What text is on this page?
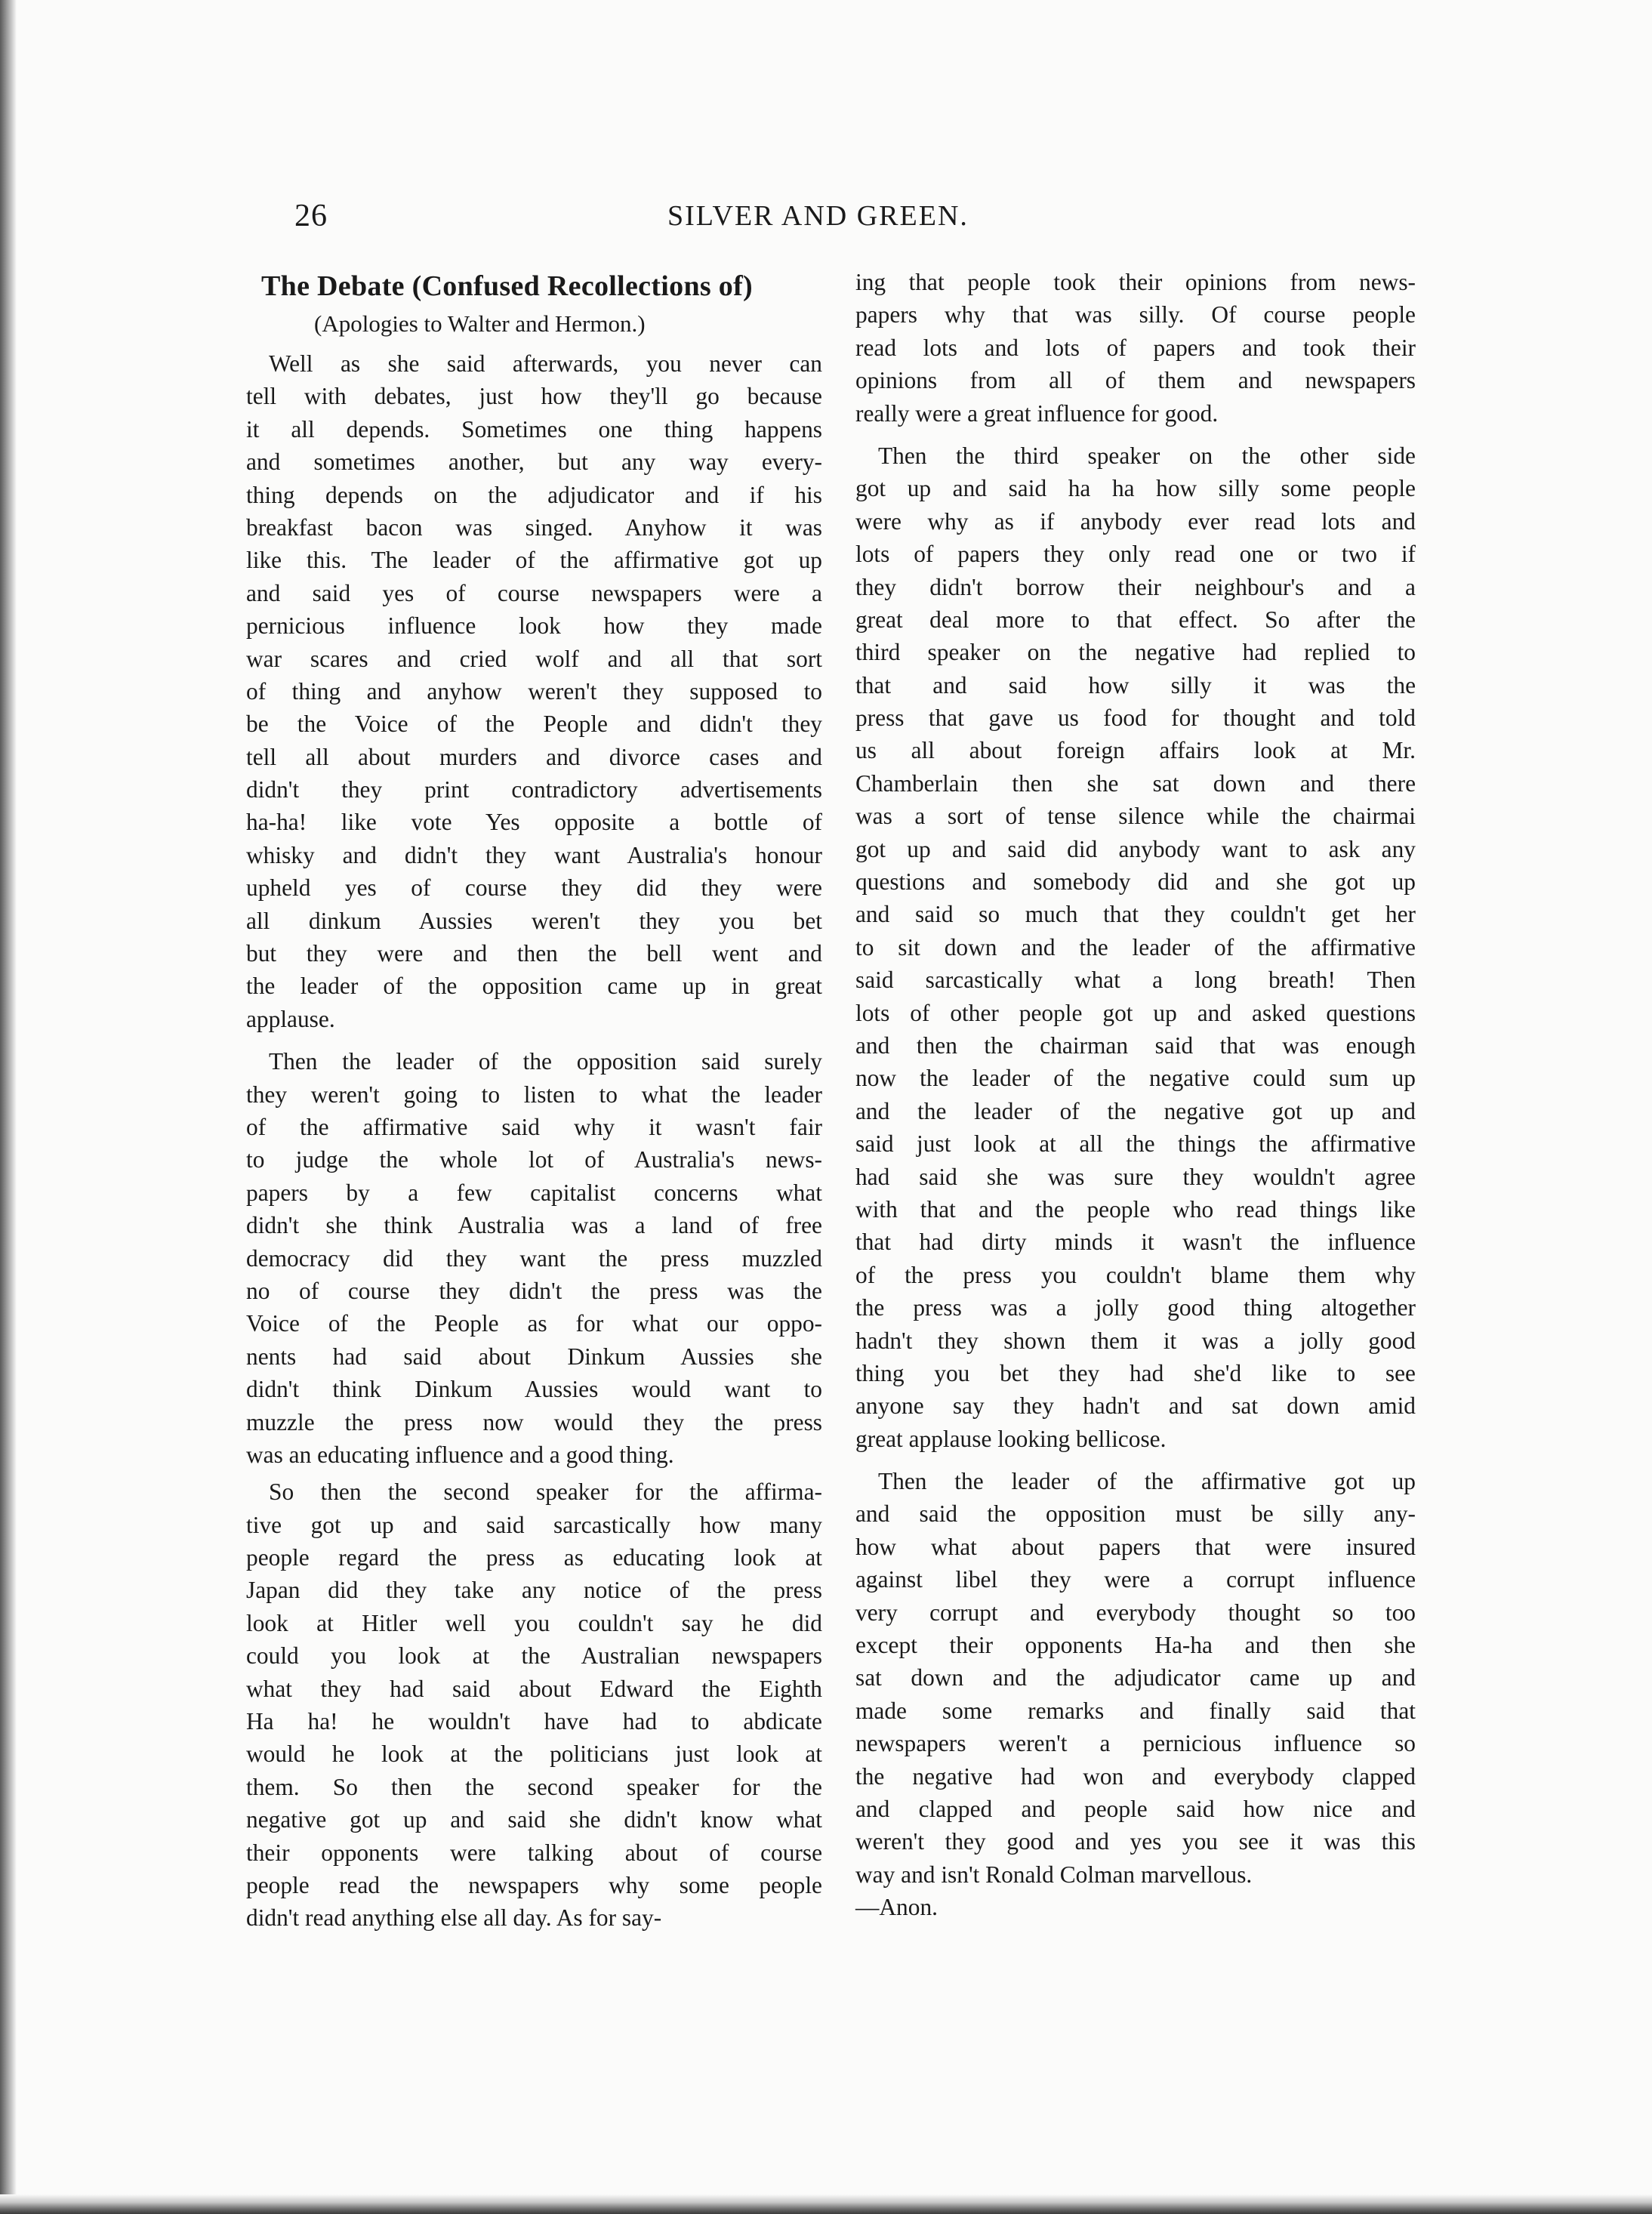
26	SILVER AND GREEN.
The Debate (Confused Recollections of)
(Apologies to Walter and Hermon.)
Well as she said afterwards, you never can
tell with debates, just how they'll go because
it all depends. Sometimes one thing happens
and sometimes another, but any way every-
thing depends on the adjudicator and if his
breakfast bacon was singed. Anyhow it was
like this. The leader of the affirmative got up
and said yes of course newspapers were a
pernicious influence look how they made
war scares and cried wolf and all that sort
of thing and anyhow weren't they supposed to
be the Voice of the People and didn't they
tell all about murders and divorce cases and
didn't they print contradictory advertisements
ha-ha! like vote Yes opposite a bottle of
whisky and didn't they want Australia's honour
upheld yes of course they did they were
all dinkum Aussies weren't they you bet
but they were and then the bell went and
the leader of the opposition came up in great
applause.
Then the leader of the opposition said surely
they weren't going to listen to what the leader
of the affirmative said why it wasn't fair
to judge the whole lot of Australia's news-
papers by a few capitalist concerns what
didn't she think Australia was a land of free
democracy did they want the press muzzled
no of course they didn't the press was the
Voice of the People as for what our oppo-
nents had said about Dinkum Aussies she
didn't think Dinkum Aussies would want to
muzzle the press now would they the press
was an educating influence and a good thing.
So then the second speaker for the affirma-
tive got up and said sarcastically how many
people regard the press as educating look at
Japan did they take any notice of the press
look at Hitler well you couldn't say he did
could you look at the Australian newspapers
what they had said about Edward the Eighth
Ha ha! he wouldn't have had to abdicate
would he look at the politicians just look at
them. So then the second speaker for the
negative got up and said she didn't know what
their opponents were talking about of course
people read the newspapers why some people
didn't read anything else all day. As for say-
ing that people took their opinions from news-
papers why that was silly. Of course people
read lots and lots of papers and took their
opinions from all of them and newspapers
really were a great influence for good.
Then the third speaker on the other side
got up and said ha ha how silly some people
were why as if anybody ever read lots and
lots of papers they only read one or two if
they didn't borrow their neighbour's and a
great deal more to that effect. So after the
third speaker on the negative had replied to
that and said how silly it was the
press that gave us food for thought and told
us all about foreign affairs look at Mr.
Chamberlain then she sat down and there
was a sort of tense silence while the chairmai
got up and said did anybody want to ask any
questions and somebody did and she got up
and said so much that they couldn't get her
to sit down and the leader of the affirmative
said sarcastically what a long breath! Then
lots of other people got up and asked questions
and then the chairman said that was enough
now the leader of the negative could sum up
and the leader of the negative got up and
said just look at all the things the affirmative
had said she was sure they wouldn't agree
with that and the people who read things like
that had dirty minds it wasn't the influence
of the press you couldn't blame them why
the press was a jolly good thing altogether
hadn't they shown them it was a jolly good
thing you bet they had she'd like to see
anyone say they hadn't and sat down amid
great applause looking bellicose.
Then the leader of the affirmative got up
and said the opposition must be silly any-
how what about papers that were insured
against libel they were a corrupt influence
very corrupt and everybody thought so too
except their opponents Ha-ha and then she
sat down and the adjudicator came up and
made some remarks and finally said that
newspapers weren't a pernicious influence so
the negative had won and everybody clapped
and clapped and people said how nice and
weren't they good and yes you see it was this
way and isn't Ronald Colman marvellous.
—Anon.
